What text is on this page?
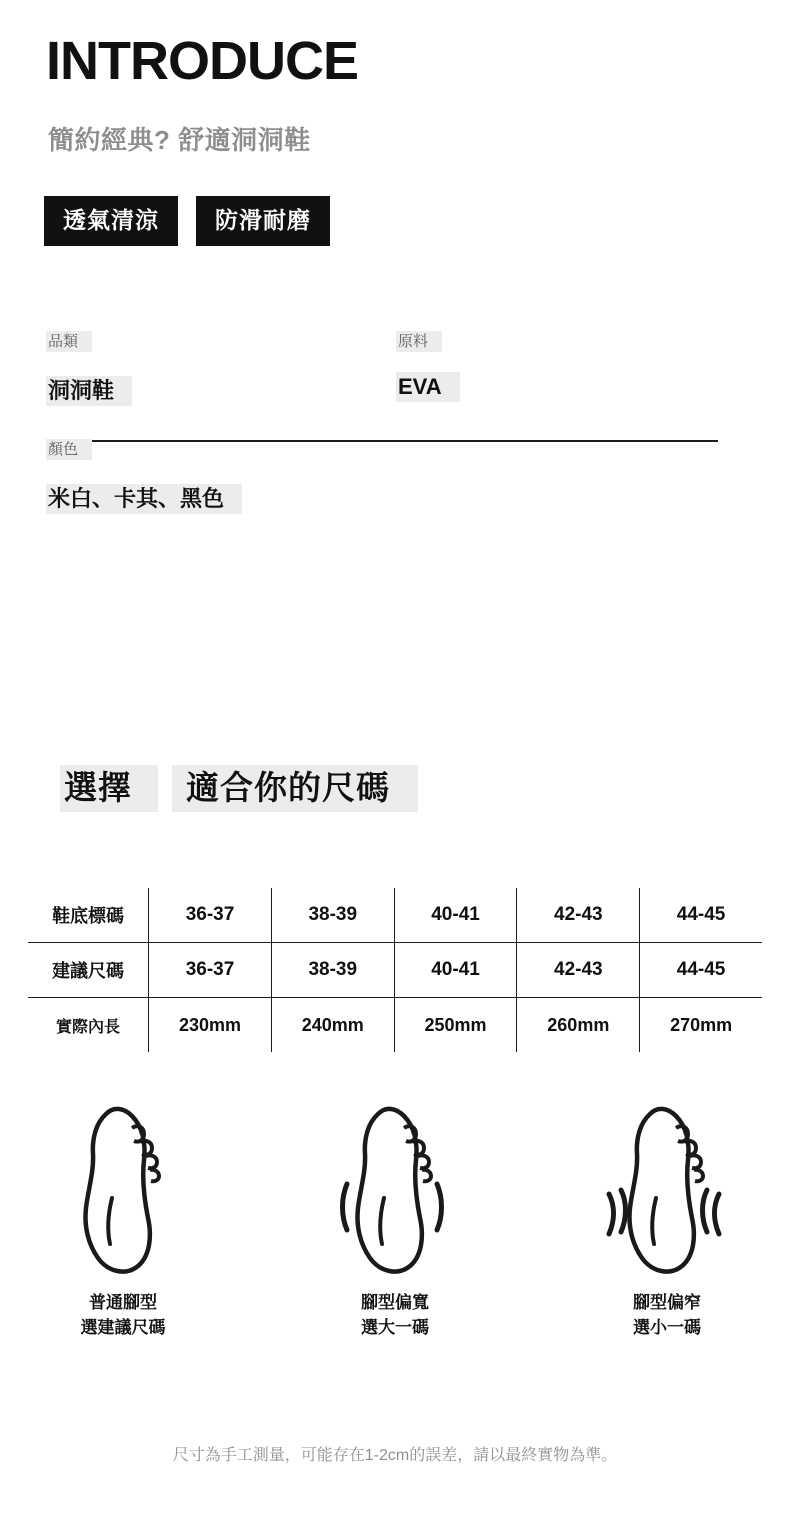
INTRODUCE
簡約經典? 舒適洞洞鞋
透氣清涼	防滑耐磨
品類
洞洞鞋
原料
EVA
顏色
米白、卡其、黑色
選擇 適合你的尺碼
鞋底標碼	36-37	38-39	40-41	42-43	44-45
建議尺碼	36-37	38-39	40-41	42-43	44-45
實際內長	230mm	240mm	250mm	260mm	270mm
普通腳型
選建議尺碼
腳型偏寬
選大一碼
腳型偏窄
選小一碼
尺寸為手工測量，可能存在1-2cm的誤差，請以最終實物為準。
